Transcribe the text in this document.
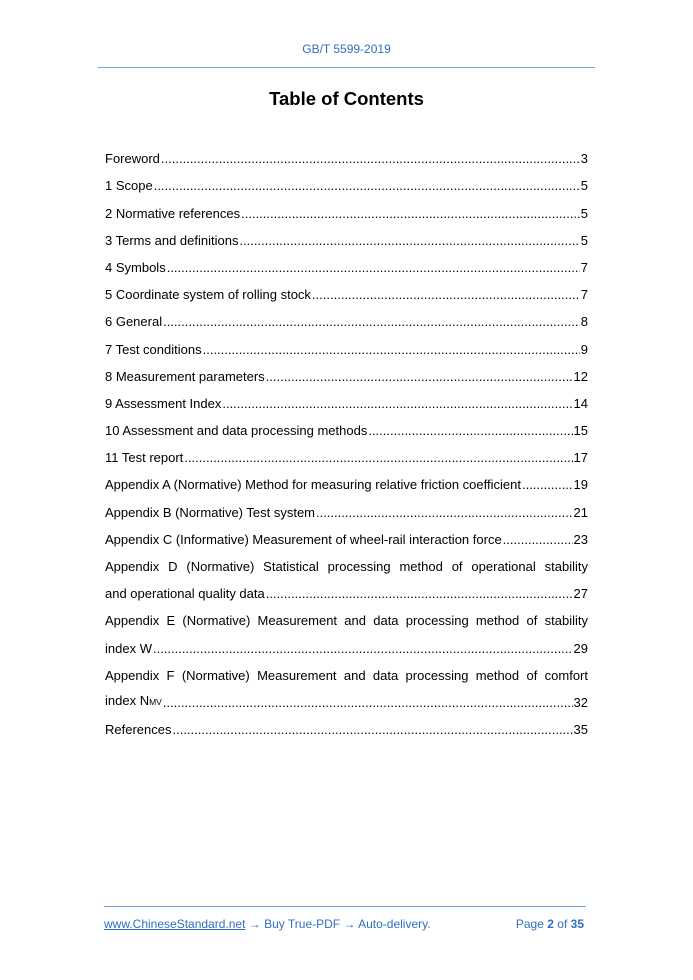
GB/T 5599-2019
Table of Contents
Foreword .....	3
1 Scope .....	5
2 Normative references .....	5
3 Terms and definitions .....	5
4 Symbols .....	7
5 Coordinate system of rolling stock .....	7
6 General .....	8
7 Test conditions .....	9
8 Measurement parameters .....	12
9 Assessment Index .....	14
10 Assessment and data processing methods .....	15
11 Test report .....	17
Appendix A (Normative) Method for measuring relative friction coefficient .....	19
Appendix B (Normative) Test system .....	21
Appendix C (Informative) Measurement of wheel-rail interaction force .....	23
Appendix D (Normative) Statistical processing method of operational stability
and operational quality data .....	27
Appendix E (Normative) Measurement and data processing method of stability
index W .....	29
Appendix F (Normative) Measurement and data processing method of comfort
index NMV .....	32
References .....	35
www.ChineseStandard.net → Buy True-PDF → Auto-delivery.	Page 2 of 35
